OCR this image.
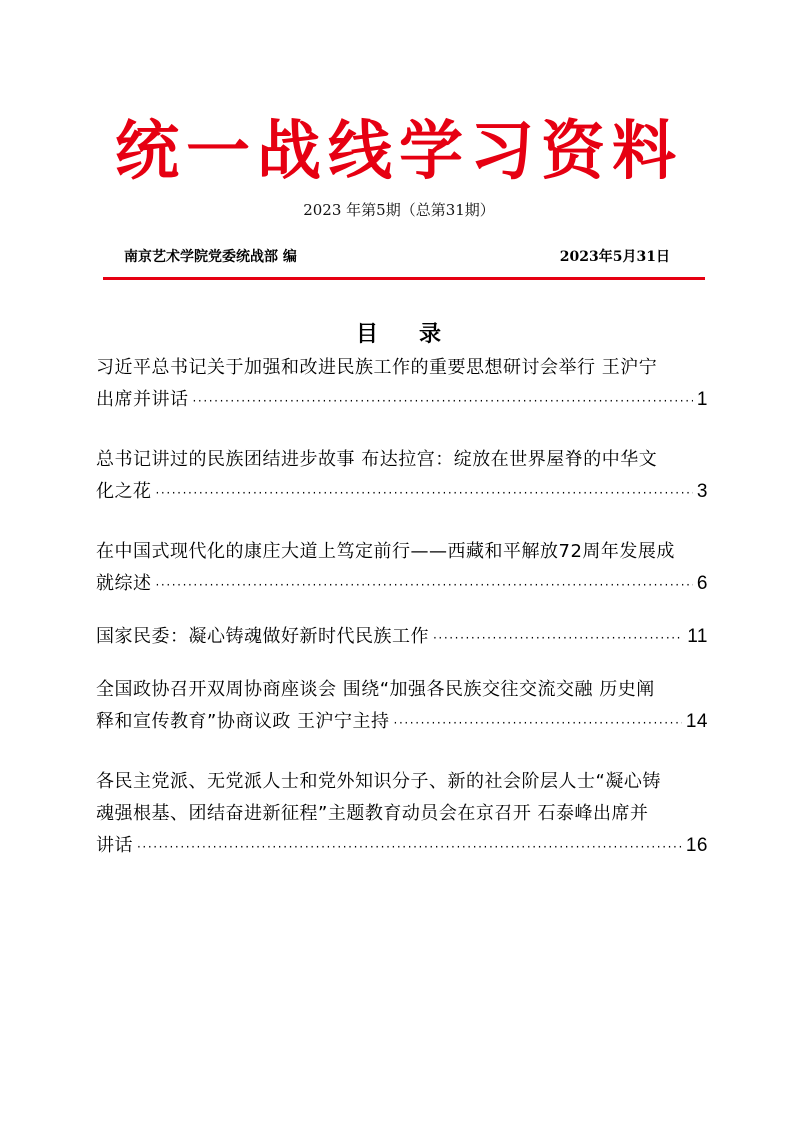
统一战线学习资料
2023 年第5期（总第31期）
南京艺术学院党委统战部 编	2023年5月31日
目 录
习近平总书记关于加强和改进民族工作的重要思想研讨会举行 王沪宁
出席并讲话 ·····	1
总书记讲过的民族团结进步故事 布达拉宫：绽放在世界屋脊的中华文
化之花 ·····	3
在中国式现代化的康庄大道上笃定前行——西藏和平解放72周年发展成
就综述 ·····	6
国家民委：凝心铸魂做好新时代民族工作 ·····	11
全国政协召开双周协商座谈会 围绕“加强各民族交往交流交融 历史阐
释和宣传教育”协商议政 王沪宁主持 ·····	14
各民主党派、无党派人士和党外知识分子、新的社会阶层人士“凝心铸
魂强根基、团结奋进新征程”主题教育动员会在京召开 石泰峰出席并
讲话 ·····	16
